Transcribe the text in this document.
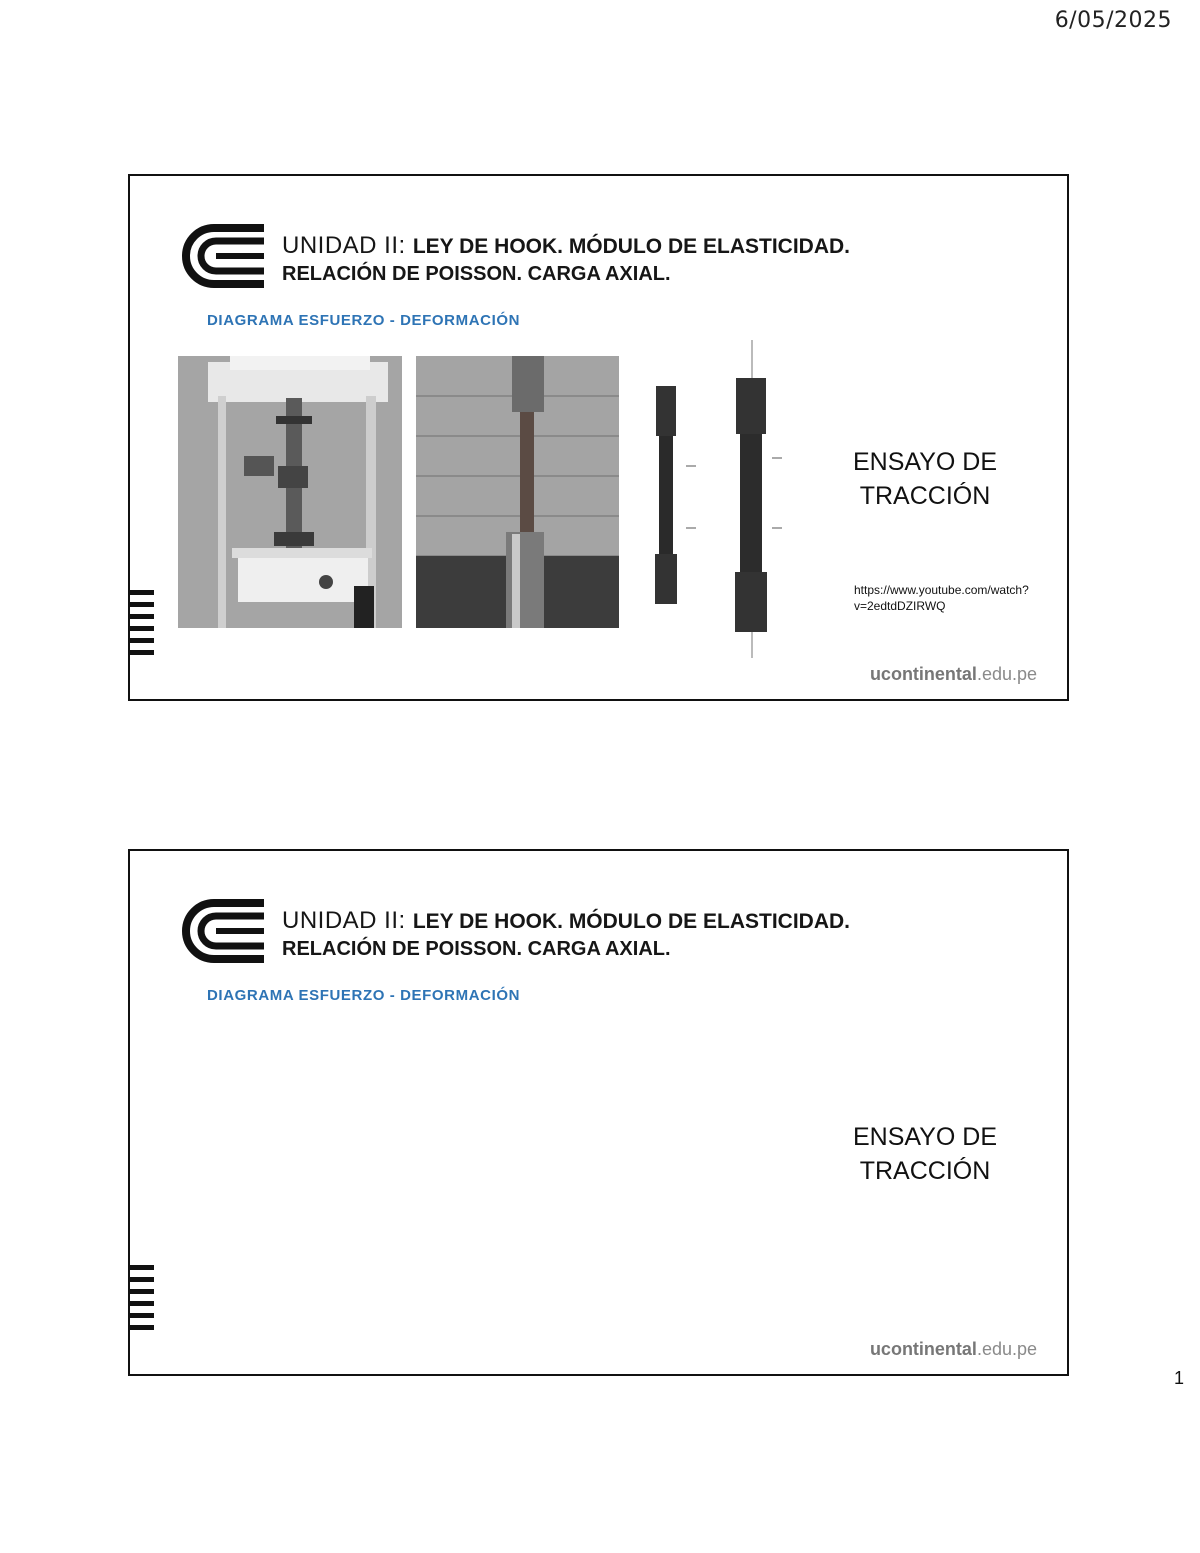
6/05/2025
UNIDAD II: LEY DE HOOK. MÓDULO DE ELASTICIDAD.
RELACIÓN DE POISSON. CARGA AXIAL.
DIAGRAMA ESFUERZO - DEFORMACIÓN
ENSAYO DE TRACCIÓN
https://www.youtube.com/watch?v=2edtdDZIRWQ
ucontinental.edu.pe
UNIDAD II: LEY DE HOOK. MÓDULO DE ELASTICIDAD.
RELACIÓN DE POISSON. CARGA AXIAL.
DIAGRAMA ESFUERZO - DEFORMACIÓN
ENSAYO DE TRACCIÓN
ucontinental.edu.pe
1
